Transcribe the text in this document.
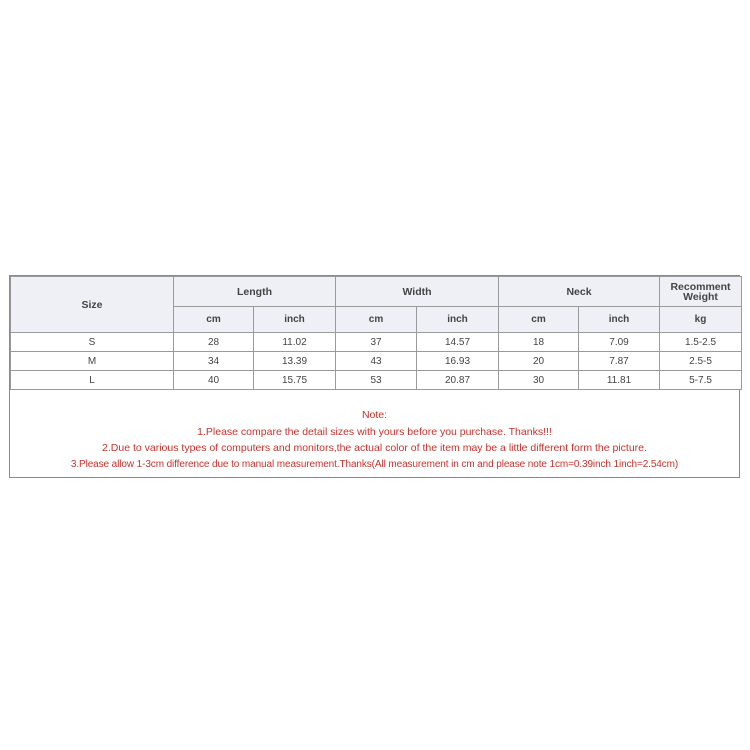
Size	Length		Width		Neck		Recomment Weight
	cm	inch	cm	inch	cm	inch	kg
S	28	11.02	37	14.57	18	7.09	1.5-2.5
M	34	13.39	43	16.93	20	7.87	2.5-5
L	40	15.75	53	20.87	30	11.81	5-7.5
Note:
1.Please compare the detail sizes with yours before you purchase. Thanks!!!
2.Due to various types of computers and monitors,the actual color of the item may be a little different form the picture.
3.Please allow 1-3cm difference due to manual measurement.Thanks(All measurement in cm and please note 1cm=0.39inch 1inch=2.54cm)
